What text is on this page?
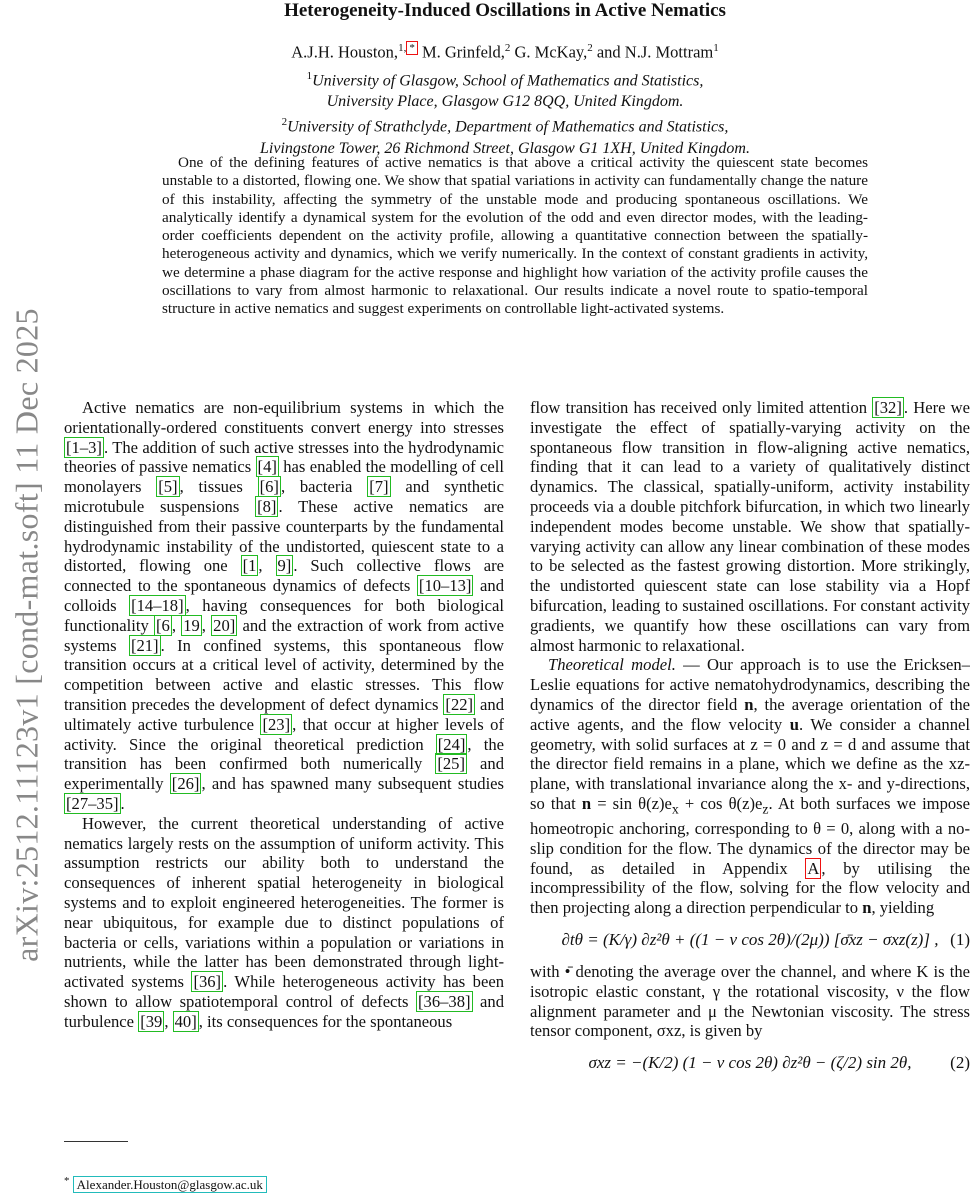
arXiv:2512.11123v1 [cond-mat.soft] 11 Dec 2025
Heterogeneity-Induced Oscillations in Active Nematics
A.J.H. Houston,$^{1,}$ * M. Grinfeld,$^2$ G. McKay,$^2$ and N.J. Mottram$^1$
$^1$University of Glasgow, School of Mathematics and Statistics,
University Place, Glasgow G12 8QQ, United Kingdom.
$^2$University of Strathclyde, Department of Mathematics and Statistics,
Livingstone Tower, 26 Richmond Street, Glasgow G1 1XH, United Kingdom.
One of the defining features of active nematics is that above a critical activity the quiescent state becomes unstable to a distorted, flowing one. We show that spatial variations in activity can fundamentally change the nature of this instability, affecting the symmetry of the unstable mode and producing spontaneous oscillations. We analytically identify a dynamical system for the evolution of the odd and even director modes, with the leading-order coefficients dependent on the activity profile, allowing a quantitative connection between the spatially-heterogeneous activity and dynamics, which we verify numerically. In the context of constant gradients in activity, we determine a phase diagram for the active response and highlight how variation of the activity profile causes the oscillations to vary from almost harmonic to relaxational. Our results indicate a novel route to spatio-temporal structure in active nematics and suggest experiments on controllable light-activated systems.

Active nematics are non-equilibrium systems in which the orientationally-ordered constituents convert energy into stresses [1–3] . The addition of such active stresses into the hydrodynamic theories of passive nematics [4] has enabled the modelling of cell monolayers [5] , tissues [6] , bacteria [7] and synthetic microtubule suspensions [8] . These active nematics are distinguished from their passive counterparts by the fundamental hydrodynamic instability of the undistorted, quiescent state to a distorted, flowing one [1 , 9] . Such collective flows are connected to the spontaneous dynamics of defects [10–13] and colloids [14–18] , having consequences for both biological functionality [6 , 19 , 20] and the extraction of work from active systems [21] . In confined systems, this spontaneous flow transition occurs at a critical level of activity, determined by the competition between active and elastic stresses. This flow transition precedes the development of defect dynamics [22] and ultimately active turbulence [23] , that occur at higher levels of activity. Since the original theoretical prediction [24] , the transition has been confirmed both numerically [25] and experimentally [26] , and has spawned many subsequent studies [27–35] .

However, the current theoretical understanding of active nematics largely rests on the assumption of uniform activity. This assumption restricts our ability both to understand the consequences of inherent spatial heterogeneity in biological systems and to exploit engineered heterogeneities. The former is near ubiquitous, for example due to distinct populations of bacteria or cells, variations within a population or variations in nutrients, while the latter has been demonstrated through light-activated systems [36] . While heterogeneous activity has been shown to allow spatiotemporal control of defects [36–38] and turbulence [39 , 40] , its consequences for the spontaneous

flow transition has received only limited attention [32] . Here we investigate the effect of spatially-varying activity on the spontaneous flow transition in flow-aligning active nematics, finding that it can lead to a variety of qualitatively distinct dynamics. The classical, spatially-uniform, activity instability proceeds via a double pitchfork bifurcation, in which two linearly independent modes become unstable. We show that spatially-varying activity can allow any linear combination of these modes to be selected as the fastest growing distortion. More strikingly, the undistorted quiescent state can lose stability via a Hopf bifurcation, leading to sustained oscillations. For constant activity gradients, we quantify how these oscillations can vary from almost harmonic to relaxational.

Theoretical model. — Our approach is to use the Ericksen–Leslie equations for active nematohydrodynamics, describing the dynamics of the director field n, the average orientation of the active agents, and the flow velocity u. We consider a channel geometry, with solid surfaces at z = 0 and z = d and assume that the director field remains in a plane, which we define as the xz-plane, with translational invariance along the x- and y-directions, so that $n = \sin \theta(z)e_x + \cos \theta(z)e_z$. At both surfaces we impose homeotropic anchoring, corresponding to θ = 0, along with a no-slip condition for the flow. The dynamics of the director may be found, as detailed in Appendix A , by utilising the incompressibility of the flow, solving for the flow velocity and then projecting along a direction perpendicular to n, yielding

∂tθ = (K/γ) ∂z²θ + ((1 − ν cos 2θ)/(2μ)) [σ̄xz − σxz(z)] , (1)

with •̄ denoting the average over the channel, and where K is the isotropic elastic constant, γ the rotational viscosity, ν the flow alignment parameter and μ the Newtonian viscosity. The stress tensor component, σxz, is given by

σxz = −(K/2) (1 − ν cos 2θ) ∂z²θ − (ζ/2) sin 2θ, (2)
* Alexander.Houston@glasgow.ac.uk
